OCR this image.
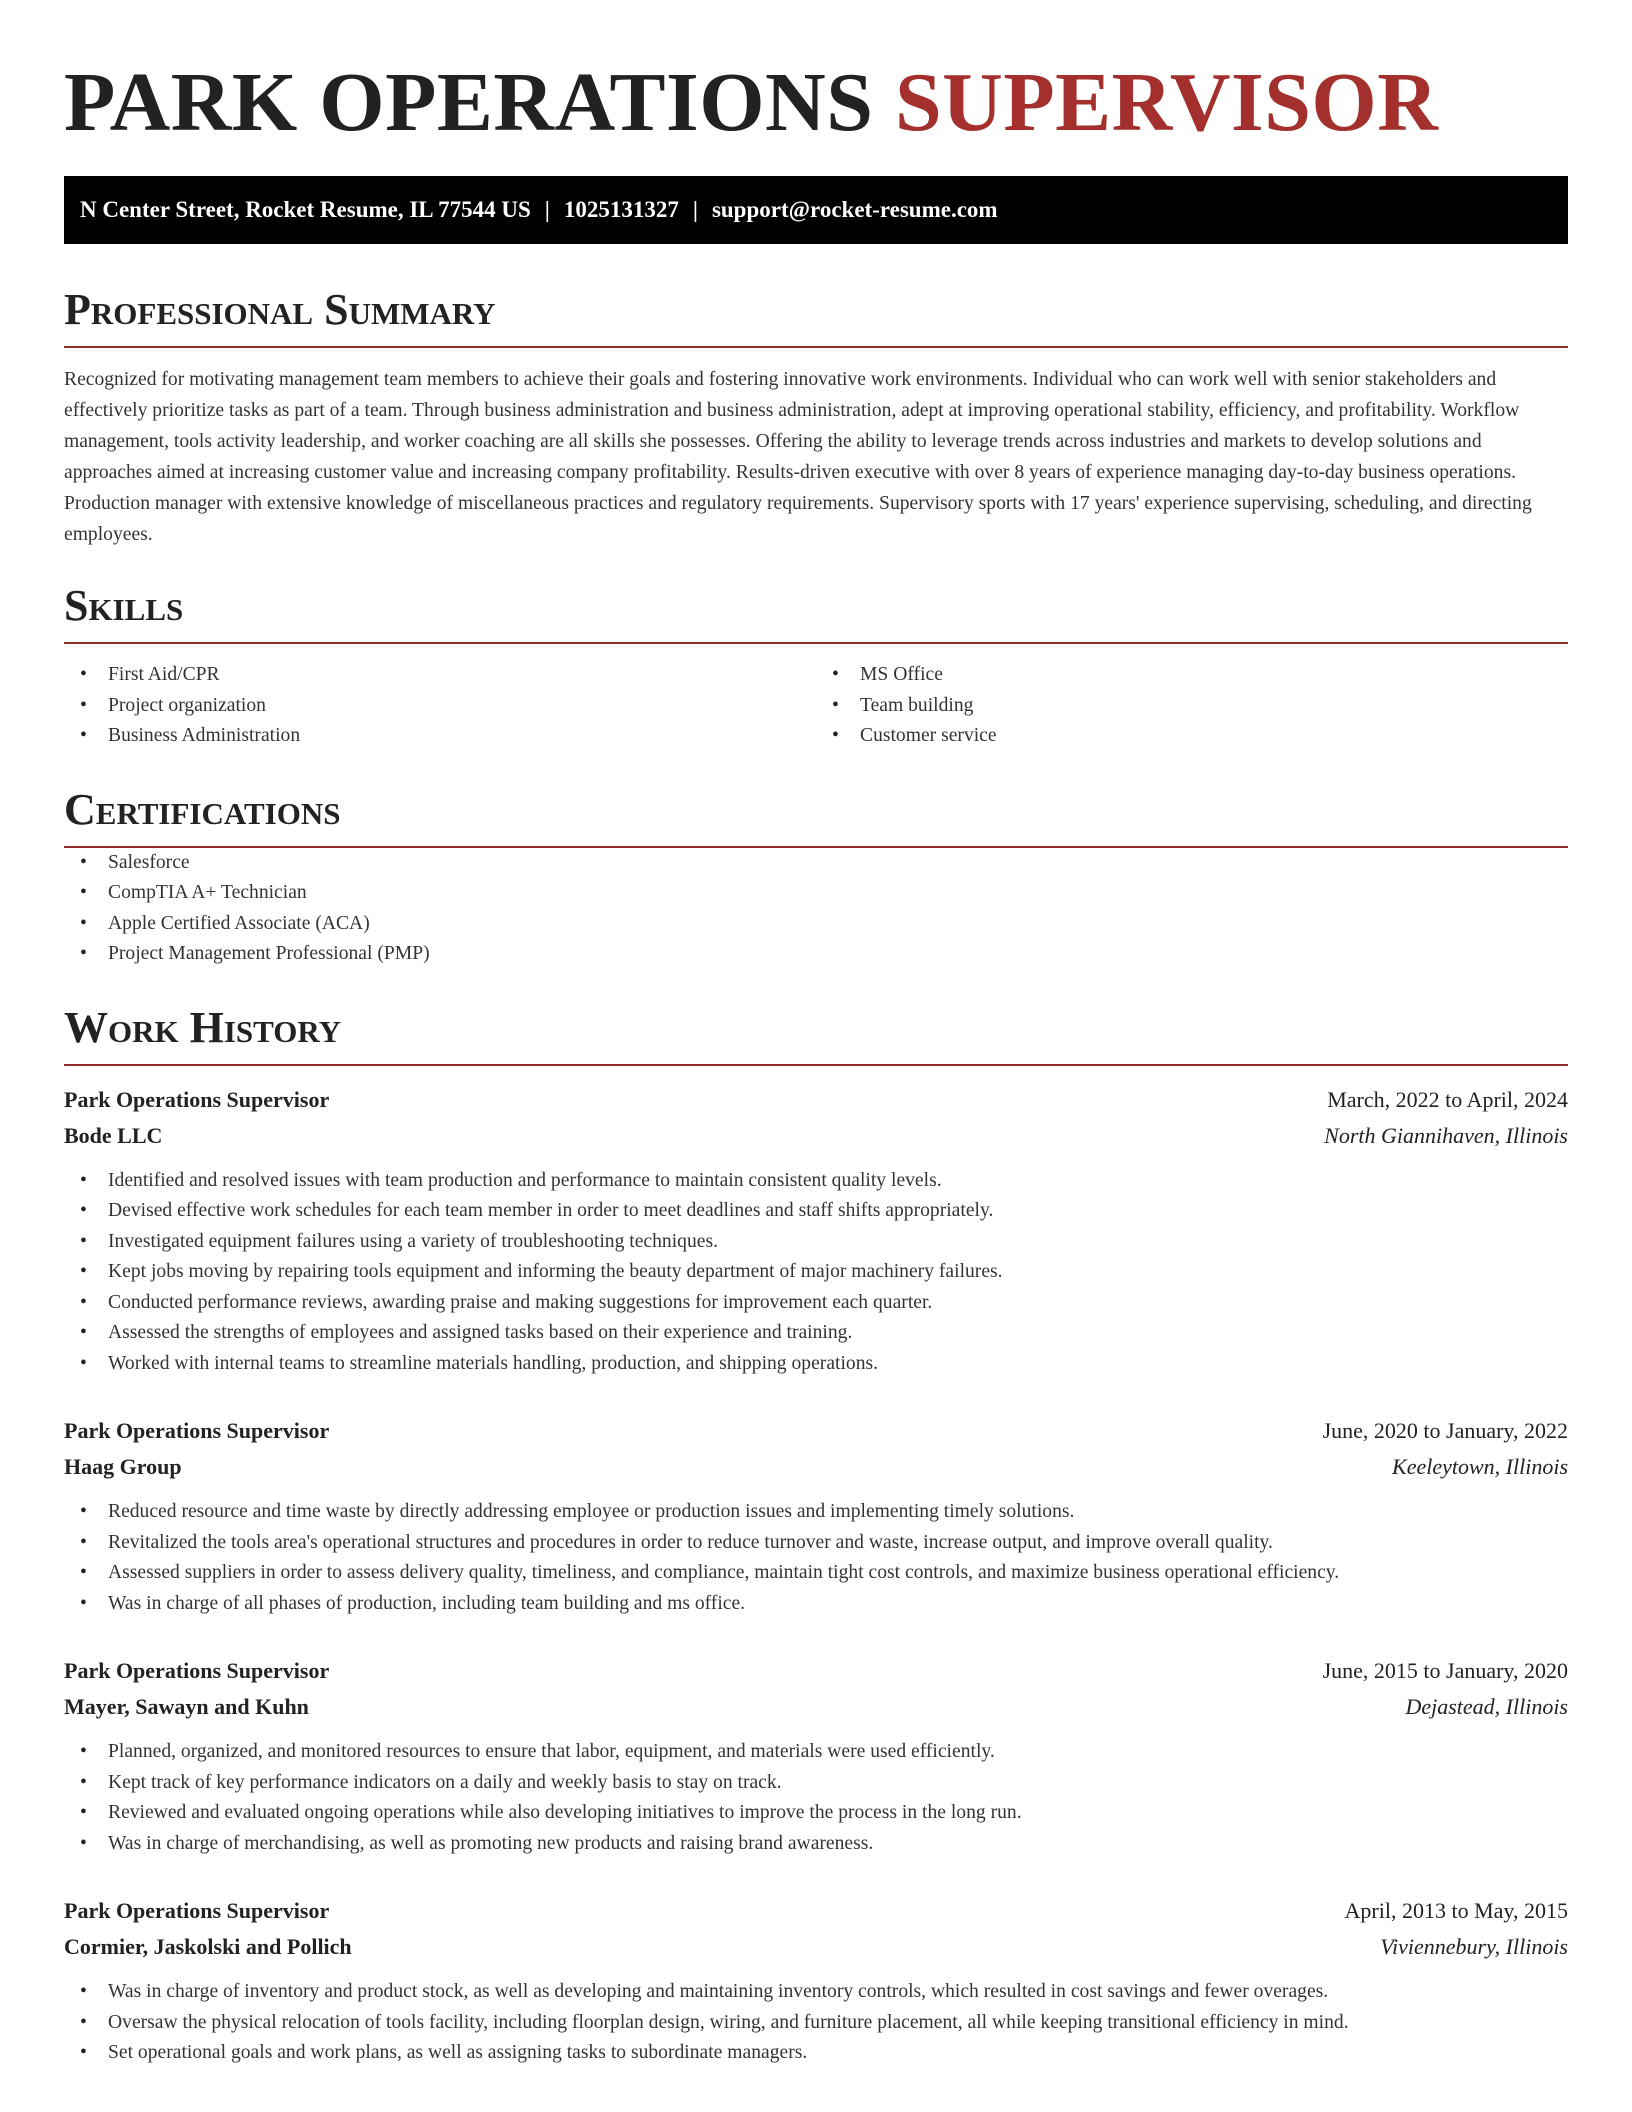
PARK OPERATIONS SUPERVISOR
N Center Street, Rocket Resume, IL 77544 US | 1025131327 | support@rocket-resume.com
Professional Summary

Recognized for motivating management team members to achieve their goals and fostering innovative work environments. Individual who can work well with senior stakeholders and effectively prioritize tasks as part of a team. Through business administration and business administration, adept at improving operational stability, efficiency, and profitability. Workflow management, tools activity leadership, and worker coaching are all skills she possesses. Offering the ability to leverage trends across industries and markets to develop solutions and approaches aimed at increasing customer value and increasing company profitability. Results-driven executive with over 8 years of experience managing day-to-day business operations. Production manager with extensive knowledge of miscellaneous practices and regulatory requirements. Supervisory sports with 17 years' experience supervising, scheduling, and directing employees.

Skills
• First Aid/CPR
• Project organization
• Business Administration
• MS Office
• Team building
• Customer service
Certifications
• Salesforce
• CompTIA A+ Technician
• Apple Certified Associate (ACA)
• Project Management Professional (PMP)
Work History
Park Operations Supervisor	March, 2022 to April, 2024
Bode LLC	North Giannihaven, Illinois
• Identified and resolved issues with team production and performance to maintain consistent quality levels.
• Devised effective work schedules for each team member in order to meet deadlines and staff shifts appropriately.
• Investigated equipment failures using a variety of troubleshooting techniques.
• Kept jobs moving by repairing tools equipment and informing the beauty department of major machinery failures.
• Conducted performance reviews, awarding praise and making suggestions for improvement each quarter.
• Assessed the strengths of employees and assigned tasks based on their experience and training.
• Worked with internal teams to streamline materials handling, production, and shipping operations.
Park Operations Supervisor	June, 2020 to January, 2022
Haag Group	Keeleytown, Illinois
• Reduced resource and time waste by directly addressing employee or production issues and implementing timely solutions.
• Revitalized the tools area's operational structures and procedures in order to reduce turnover and waste, increase output, and improve overall quality.
• Assessed suppliers in order to assess delivery quality, timeliness, and compliance, maintain tight cost controls, and maximize business operational efficiency.
• Was in charge of all phases of production, including team building and ms office.
Park Operations Supervisor	June, 2015 to January, 2020
Mayer, Sawayn and Kuhn	Dejastead, Illinois
• Planned, organized, and monitored resources to ensure that labor, equipment, and materials were used efficiently.
• Kept track of key performance indicators on a daily and weekly basis to stay on track.
• Reviewed and evaluated ongoing operations while also developing initiatives to improve the process in the long run.
• Was in charge of merchandising, as well as promoting new products and raising brand awareness.
Park Operations Supervisor	April, 2013 to May, 2015
Cormier, Jaskolski and Pollich	Viviennebury, Illinois
• Was in charge of inventory and product stock, as well as developing and maintaining inventory controls, which resulted in cost savings and fewer overages.
• Oversaw the physical relocation of tools facility, including floorplan design, wiring, and furniture placement, all while keeping transitional efficiency in mind.
• Set operational goals and work plans, as well as assigning tasks to subordinate managers.
